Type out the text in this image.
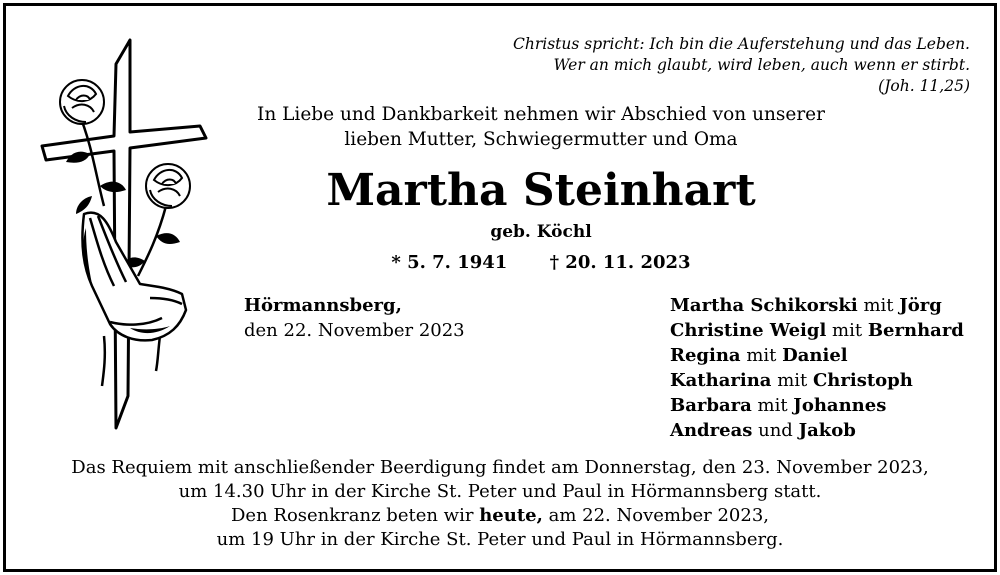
Christus spricht: Ich bin die Auferstehung und das Leben.
Wer an mich glaubt, wird leben, auch wenn er stirbt.
(Joh. 11,25)
In Liebe und Dankbarkeit nehmen wir Abschied von unserer
lieben Mutter, Schwiegermutter und Oma
Martha Steinhart
geb. Köchl
* 5. 7. 1941 † 20. 11. 2023
Hörmannsberg,
den 22. November 2023
Martha Schikorski mit Jörg
Christine Weigl mit Bernhard
Regina mit Daniel
Katharina mit Christoph
Barbara mit Johannes
Andreas und Jakob
Das Requiem mit anschließender Beerdigung findet am Donnerstag, den 23. November 2023,
um 14.30 Uhr in der Kirche St. Peter und Paul in Hörmannsberg statt.
Den Rosenkranz beten wir heute, am 22. November 2023,
um 19 Uhr in der Kirche St. Peter und Paul in Hörmannsberg.
